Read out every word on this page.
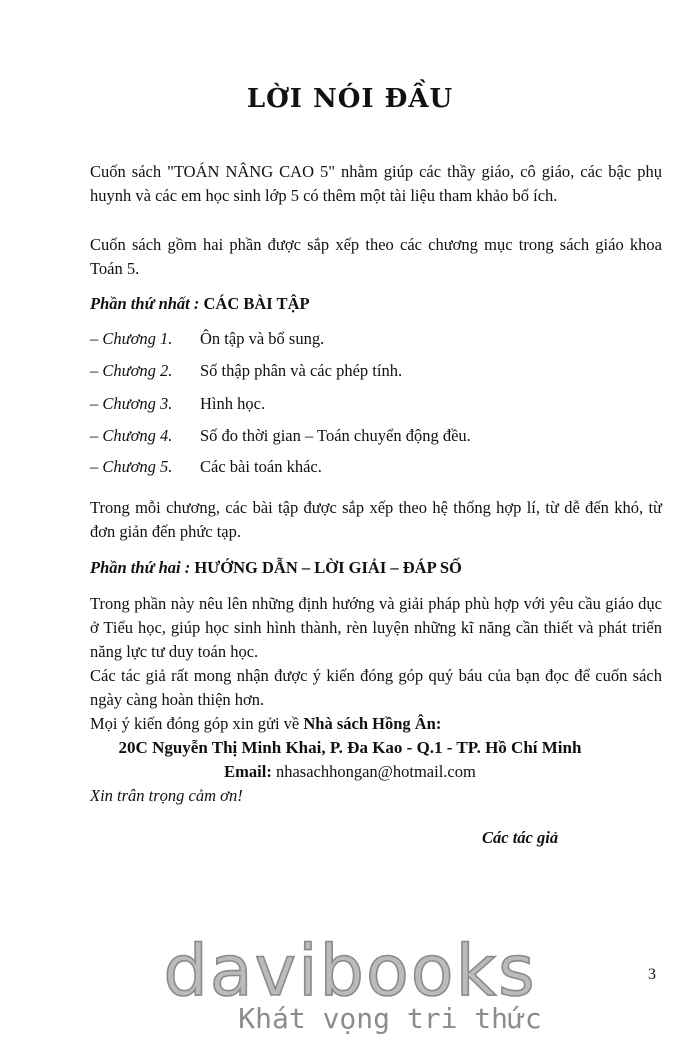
LỜI NÓI ĐẦU

Cuốn sách "TOÁN NÂNG CAO 5" nhằm giúp các thầy giáo, cô giáo, các bậc phụ huynh và các em học sinh lớp 5 có thêm một tài liệu tham khảo bổ ích.

Cuốn sách gồm hai phần được sắp xếp theo các chương mục trong sách giáo khoa Toán 5.

Phần thứ nhất : CÁC BÀI TẬP
– Chương 1. Ôn tập và bổ sung.
– Chương 2. Số thập phân và các phép tính.
– Chương 3. Hình học.
– Chương 4. Số đo thời gian – Toán chuyển động đều.
– Chương 5. Các bài toán khác.

Trong mỗi chương, các bài tập được sắp xếp theo hệ thống hợp lí, từ dễ đến khó, từ đơn giản đến phức tạp.

Phần thứ hai : HƯỚNG DẪN – LỜI GIẢI – ĐÁP SỐ

Trong phần này nêu lên những định hướng và giải pháp phù hợp với yêu cầu giáo dục ở Tiểu học, giúp học sinh hình thành, rèn luyện những kĩ năng cần thiết và phát triển năng lực tư duy toán học.

Các tác giả rất mong nhận được ý kiến đóng góp quý báu của bạn đọc để cuốn sách ngày càng hoàn thiện hơn.

Mọi ý kiến đóng góp xin gửi về Nhà sách Hồng Ân:
20C Nguyễn Thị Minh Khai, P. Đa Kao - Q.1 - TP. Hồ Chí Minh
Email: nhasachhongan@hotmail.com
Xin trân trọng cảm ơn!
Các tác giả
3
davibooks
Khát vọng tri thức
